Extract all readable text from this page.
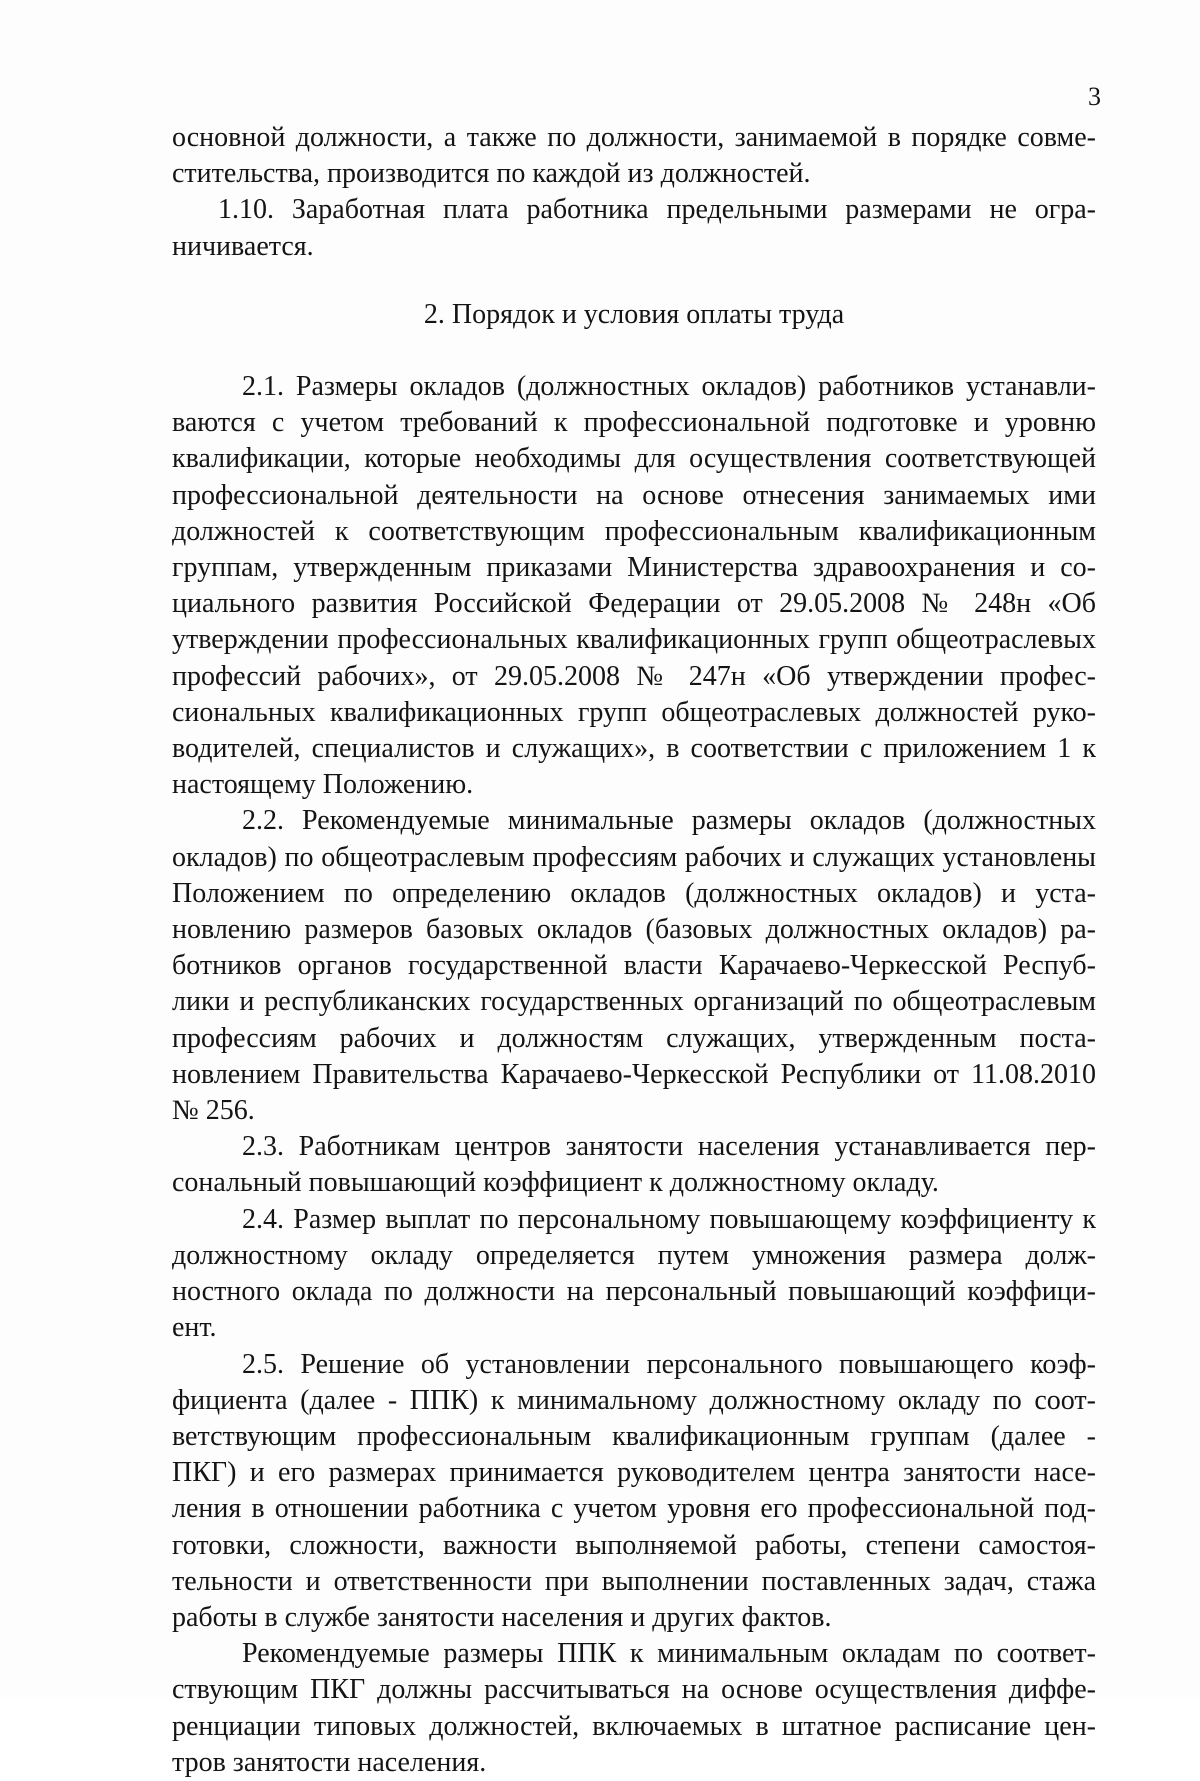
3

основной должности, а также по должности, занимаемой в порядке совместительства, производится по каждой из должностей.

1.10. Заработная плата работника предельными размерами не ограничивается.

2. Порядок и условия оплаты труда

2.1. Размеры окладов (должностных окладов) работников устанавливаются с учетом требований к профессиональной подготовке и уровню квалификации, которые необходимы для осуществления соответствующей профессиональной деятельности на основе отнесения занимаемых ими должностей к соответствующим профессиональным квалификационным группам, утвержденным приказами Министерства здравоохранения и социального развития Российской Федерации от 29.05.2008 № 248н «Об утверждении профессиональных квалификационных групп общеотраслевых профессий рабочих», от 29.05.2008 № 247н «Об утверждении профессиональных квалификационных групп общеотраслевых должностей руководителей, специалистов и служащих», в соответствии с приложением 1 к настоящему Положению.

2.2. Рекомендуемые минимальные размеры окладов (должностных окладов) по общеотраслевым профессиям рабочих и служащих установлены Положением по определению окладов (должностных окладов) и установлению размеров базовых окладов (базовых должностных окладов) работников органов государственной власти Карачаево-Черкесской Республики и республиканских государственных организаций по общеотраслевым профессиям рабочих и должностям служащих, утвержденным постановлением Правительства Карачаево-Черкесской Республики от 11.08.2010 № 256.

2.3. Работникам центров занятости населения устанавливается персональный повышающий коэффициент к должностному окладу.

2.4. Размер выплат по персональному повышающему коэффициенту к должностному окладу определяется путем умножения размера должностного оклада по должности на персональный повышающий коэффициент.

2.5. Решение об установлении персонального повышающего коэффициента (далее - ППК) к минимальному должностному окладу по соответствующим профессиональным квалификационным группам (далее - ПКГ) и его размерах принимается руководителем центра занятости населения в отношении работника с учетом уровня его профессиональной подготовки, сложности, важности выполняемой работы, степени самостоятельности и ответственности при выполнении поставленных задач, стажа работы в службе занятости населения и других фактов.

Рекомендуемые размеры ППК к минимальным окладам по соответствующим ПКГ должны рассчитываться на основе осуществления дифференциации типовых должностей, включаемых в штатное расписание центров занятости населения.
